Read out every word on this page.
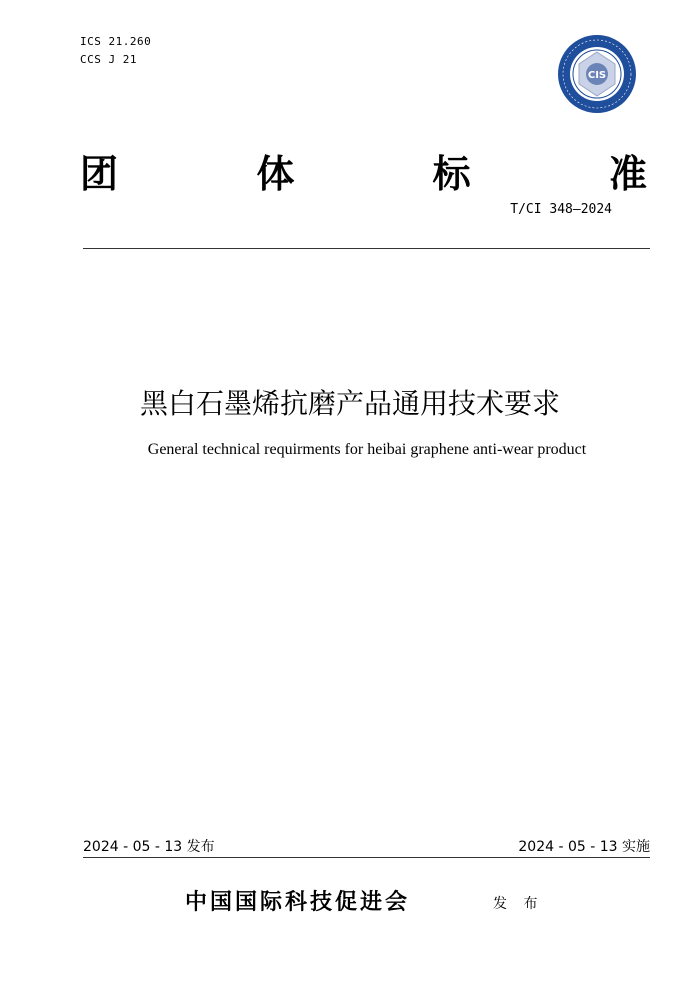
ICS 21.260
CCS J 21
CIS
团	体	标	准
T/CI 348—2024
黑白石墨烯抗磨产品通用技术要求
General technical requirments for heibai graphene anti-wear product
2024 - 05 - 13 发布	2024 - 05 - 13 实施
中国国际科技促进会	发 布
